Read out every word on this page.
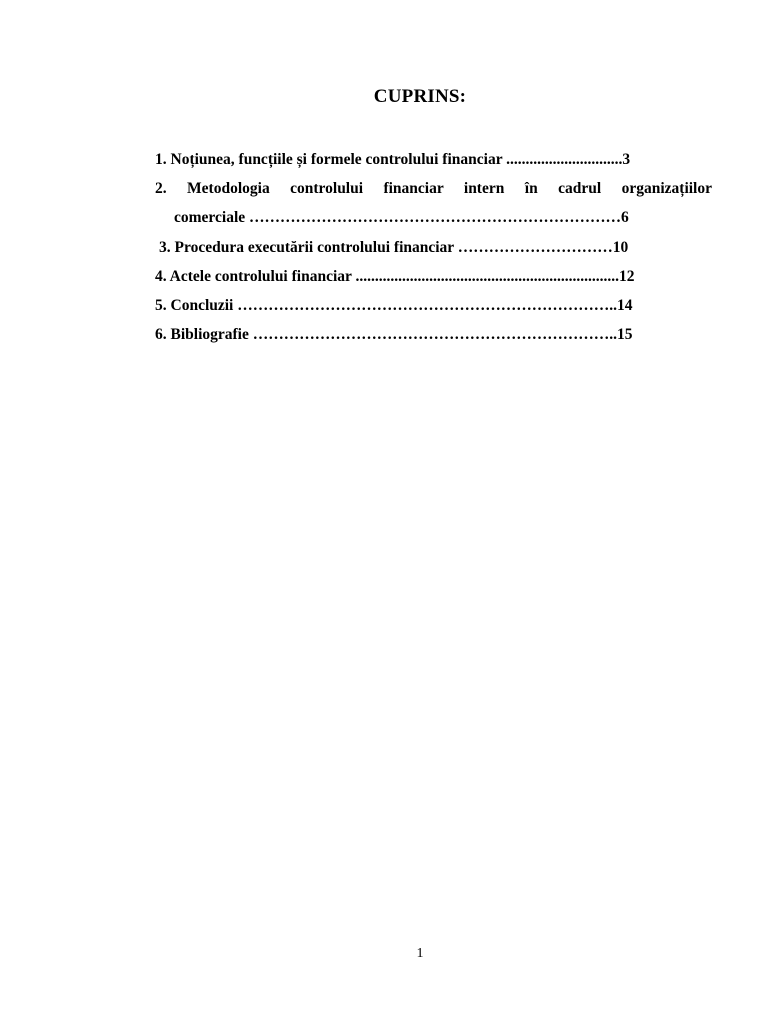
CUPRINS:
1. Noțiunea, funcțiile și formele controlului financiar ..............................3
2. Metodologia controlului financiar intern în cadrul organizațiilor
comerciale ………………………………………………………………6
3. Procedura executării controlului financiar …………………………10
4. Actele controlului financiar ....................................................................12
5. Concluzii ………………………………………………………………..14
6. Bibliografie ……………………………………………………………..15
1
